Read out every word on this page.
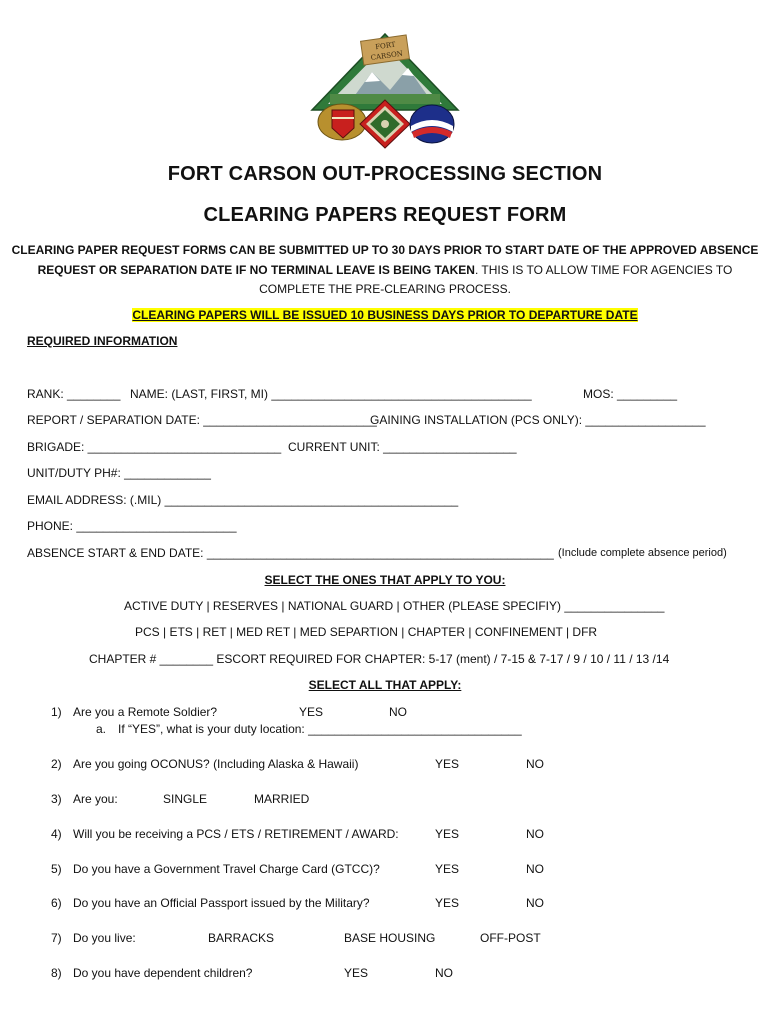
FORT
CARSON
FORT CARSON OUT-PROCESSING SECTION
CLEARING PAPERS REQUEST FORM
CLEARING PAPER REQUEST FORMS CAN BE SUBMITTED UP TO 30 DAYS PRIOR TO START DATE OF THE APPROVED ABSENCE
REQUEST OR SEPARATION DATE IF NO TERMINAL LEAVE IS BEING TAKEN. THIS IS TO ALLOW TIME FOR AGENCIES TO
COMPLETE THE PRE-CLEARING PROCESS.
CLEARING PAPERS WILL BE ISSUED 10 BUSINESS DAYS PRIOR TO DEPARTURE DATE
REQUIRED INFORMATION
RANK: ________ NAME: (LAST, FIRST, MI) _______________________________________	MOS: _________
REPORT / SEPARATION DATE: __________________________
GAINING INSTALLATION (PCS ONLY): __________________
BRIGADE: _____________________________ CURRENT UNIT: ____________________
UNIT/DUTY PH#: _____________
EMAIL ADDRESS: (.MIL) ____________________________________________
PHONE: ________________________
ABSENCE START & END DATE: ____________________________________________________ (Include complete absence period)
SELECT THE ONES THAT APPLY TO YOU:
ACTIVE DUTY | RESERVES | NATIONAL GUARD | OTHER (PLEASE SPECIFIY) _______________
PCS | ETS | RET | MED RET | MED SEPARTION | CHAPTER | CONFINEMENT | DFR
CHAPTER # ________ ESCORT REQUIRED FOR CHAPTER: 5-17 (ment) / 7-15 & 7-17 / 9 / 10 / 11 / 13 /14
SELECT ALL THAT APPLY:
1) Are you a Remote Soldier?	YES	NO
a. If “YES”, what is your duty location: ________________________________
2) Are you going OCONUS? (Including Alaska & Hawaii)	YES	NO
3) Are you:	SINGLE	MARRIED
4) Will you be receiving a PCS / ETS / RETIREMENT / AWARD:	YES	NO
5) Do you have a Government Travel Charge Card (GTCC)?	YES	NO
6) Do you have an Official Passport issued by the Military?	YES	NO
7) Do you live:	BARRACKS	BASE HOUSING	OFF-POST
8) Do you have dependent children?	YES	NO
